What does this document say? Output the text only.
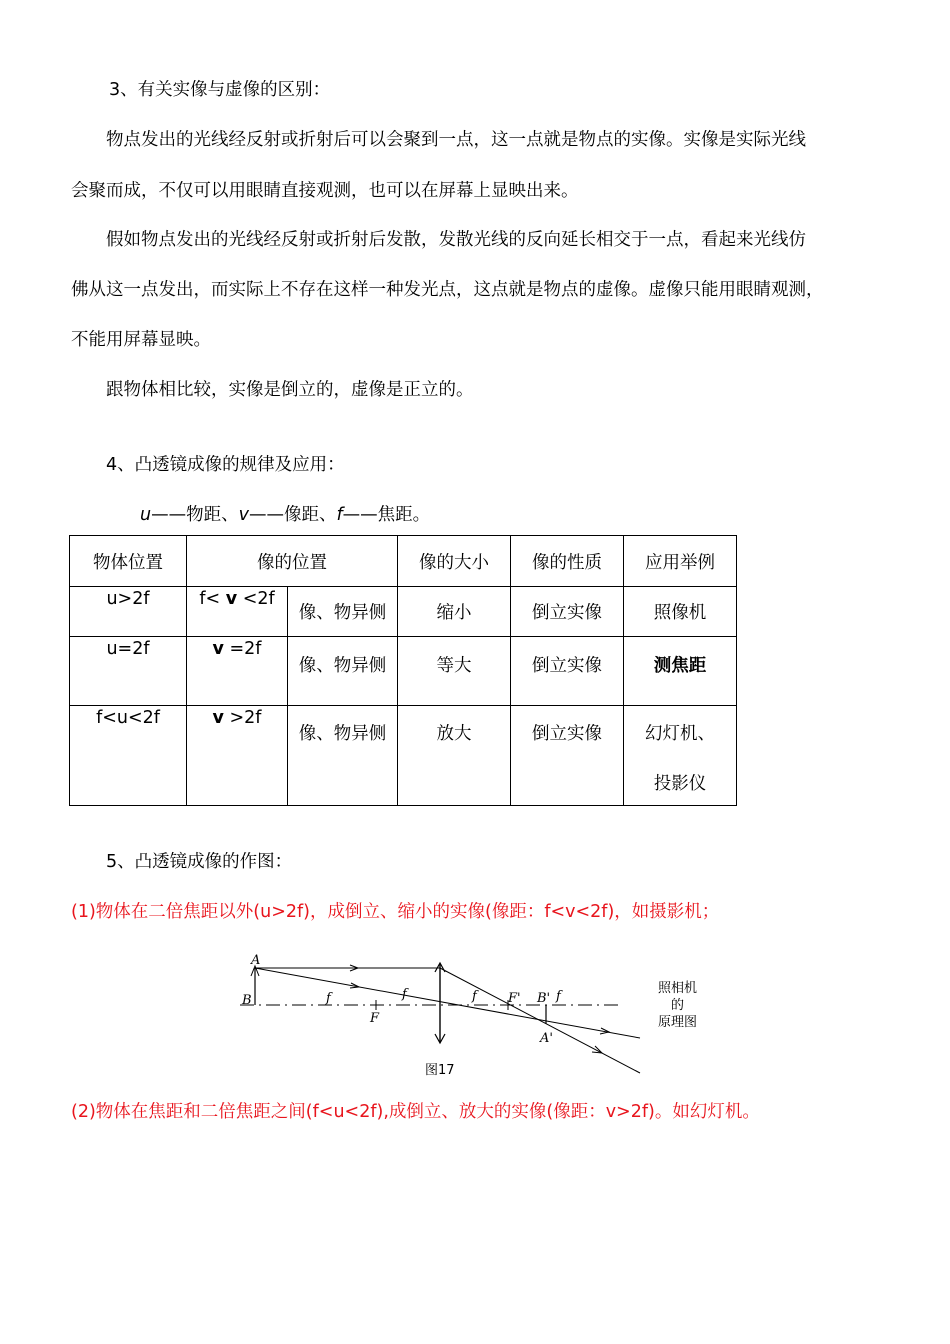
3、有关实像与虚像的区别：
物点发出的光线经反射或折射后可以会聚到一点，这一点就是物点的实像。实像是实际光线
会聚而成，不仅可以用眼睛直接观测，也可以在屏幕上显映出来。
假如物点发出的光线经反射或折射后发散，发散光线的反向延长相交于一点，看起来光线仿
佛从这一点发出，而实际上不存在这样一种发光点，这点就是物点的虚像。虚像只能用眼睛观测，
不能用屏幕显映。
跟物体相比较，实像是倒立的，虚像是正立的。
4、凸透镜成像的规律及应用：
u——物距、v——像距、f——焦距。
物体位置	像的位置		像的大小	像的性质	应用举例

u>2f	f< v <2f	像、物异侧	缩小	倒立实像	照像机

u=2f	v =2f	像、物异侧	等大	倒立实像	测焦距

f<u<2f	v >2f	像、物异侧	放大	倒立实像	幻灯机、
投影仪
5、凸透镜成像的作图：
(1)物体在二倍焦距以外(u>2f)，成倒立、缩小的实像(像距：f<v<2f)，如摄影机；
A
B
F
f	f	f	f
F' B'
A'
照相机
的
原理图
图17
(2)物体在焦距和二倍焦距之间(f<u<2f),成倒立、放大的实像(像距：v>2f)。如幻灯机。
